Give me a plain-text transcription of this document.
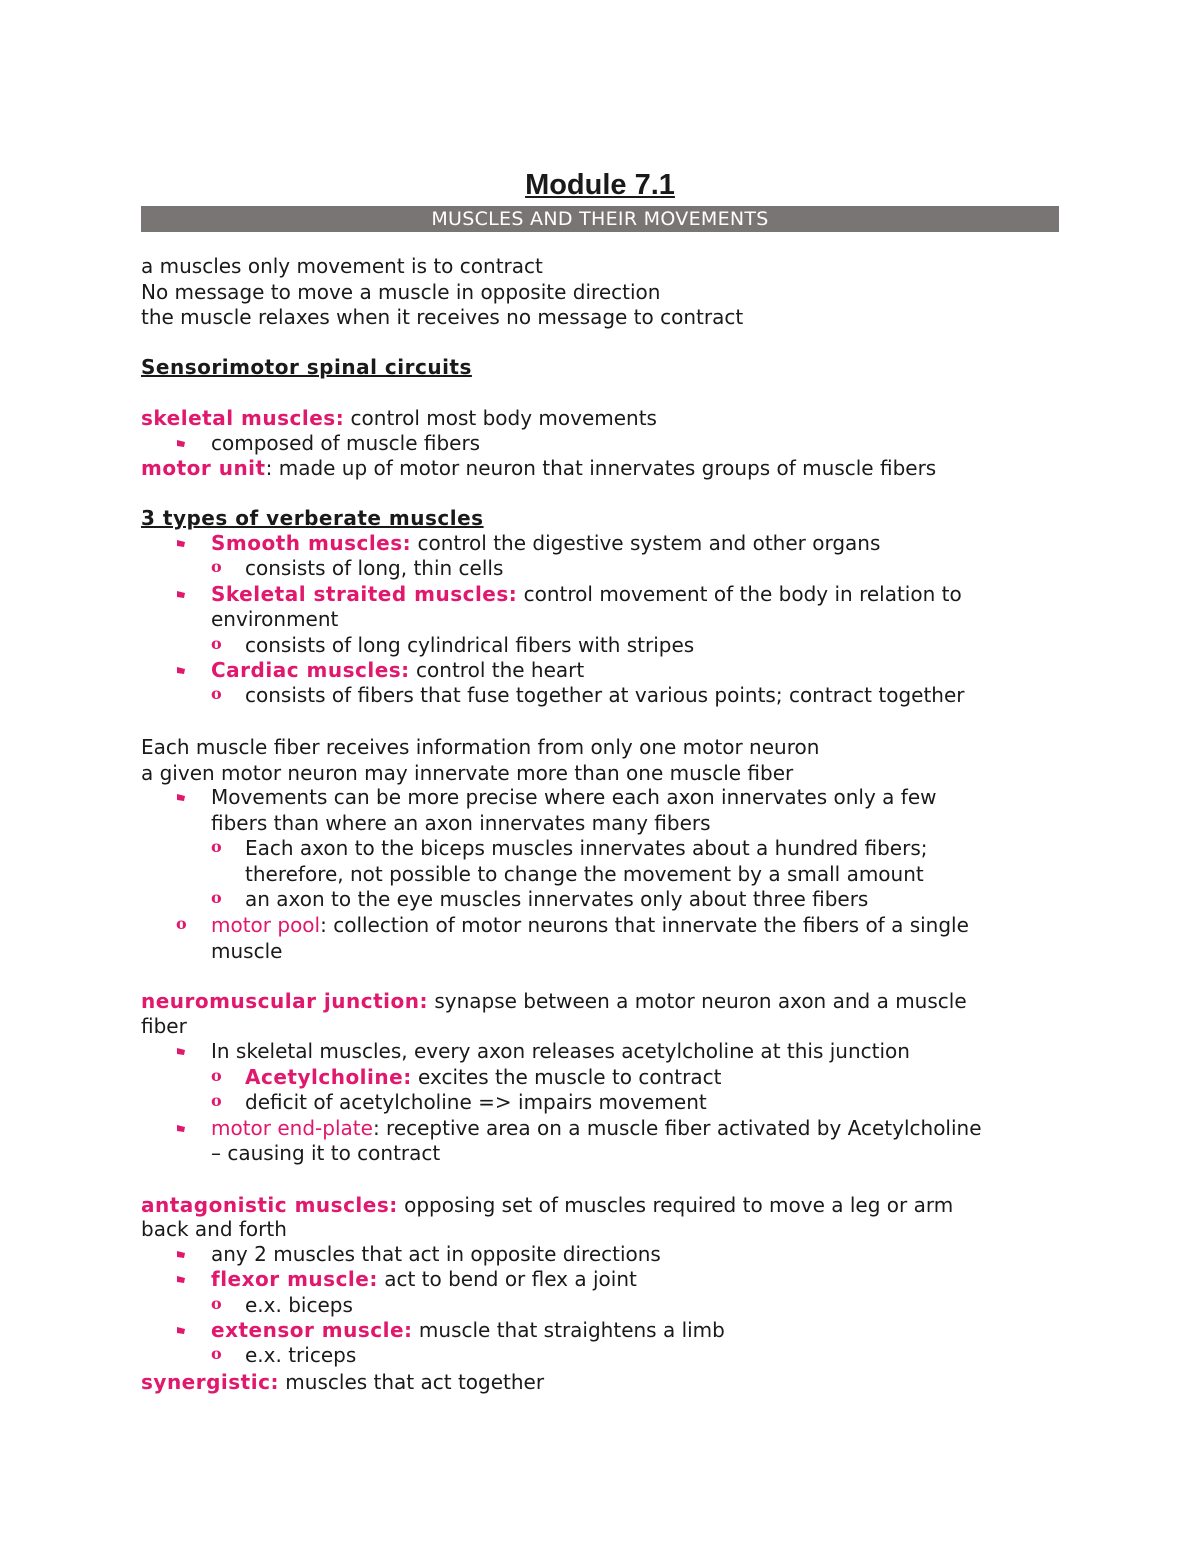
Module 7.1
MUSCLES AND THEIR MOVEMENTS
a muscles only movement is to contract
No message to move a muscle in opposite direction
the muscle relaxes when it receives no message to contract
Sensorimotor spinal circuits
skeletal muscles: control most body movements
composed of muscle fibers
motor unit: made up of motor neuron that innervates groups of muscle fibers
3 types of verberate muscles
Smooth muscles: control the digestive system and other organs
o consists of long, thin cells
Skeletal straited muscles: control movement of the body in relation to
environment
o consists of long cylindrical fibers with stripes
Cardiac muscles: control the heart
o consists of fibers that fuse together at various points; contract together
Each muscle fiber receives information from only one motor neuron
a given motor neuron may innervate more than one muscle fiber
Movements can be more precise where each axon innervates only a few
fibers than where an axon innervates many fibers
o Each axon to the biceps muscles innervates about a hundred fibers;
therefore, not possible to change the movement by a small amount
o an axon to the eye muscles innervates only about three fibers
o motor pool: collection of motor neurons that innervate the fibers of a single
muscle
neuromuscular junction: synapse between a motor neuron axon and a muscle
fiber
In skeletal muscles, every axon releases acetylcholine at this junction
o Acetylcholine: excites the muscle to contract
o deficit of acetylcholine => impairs movement
motor end-plate: receptive area on a muscle fiber activated by Acetylcholine
– causing it to contract
antagonistic muscles: opposing set of muscles required to move a leg or arm
back and forth
any 2 muscles that act in opposite directions
flexor muscle: act to bend or flex a joint
o e.x. biceps
extensor muscle: muscle that straightens a limb
o e.x. triceps
synergistic: muscles that act together
